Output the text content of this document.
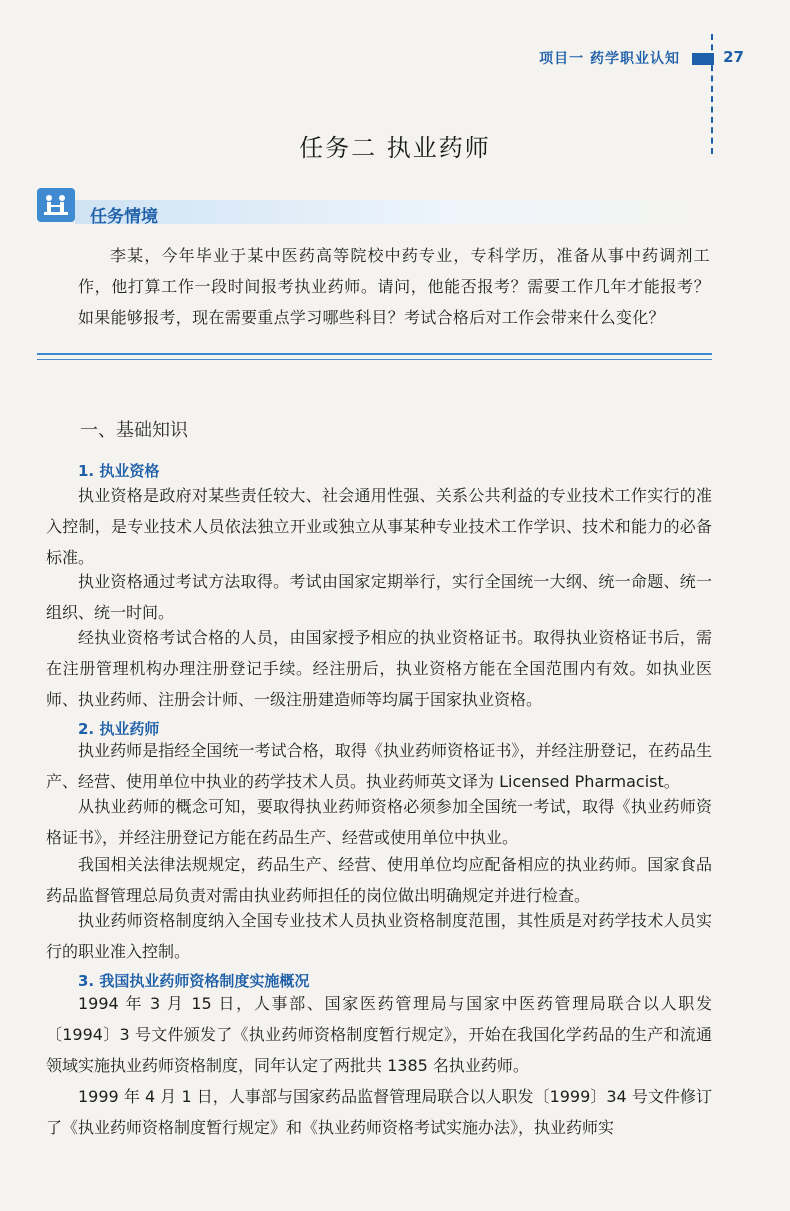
项目一 药学职业认知	27
任务二 执业药师
任务情境
李某，今年毕业于某中医药高等院校中药专业，专科学历，准备从事中药调剂工作，他打算工作一段时间报考执业药师。请问，他能否报考？需要工作几年才能报考？如果能够报考，现在需要重点学习哪些科目？考试合格后对工作会带来什么变化？
一、基础知识
1. 执业资格
执业资格是政府对某些责任较大、社会通用性强、关系公共利益的专业技术工作实行的准入控制，是专业技术人员依法独立开业或独立从事某种专业技术工作学识、技术和能力的必备标准。
执业资格通过考试方法取得。考试由国家定期举行，实行全国统一大纲、统一命题、统一组织、统一时间。
经执业资格考试合格的人员，由国家授予相应的执业资格证书。取得执业资格证书后，需在注册管理机构办理注册登记手续。经注册后，执业资格方能在全国范围内有效。如执业医师、执业药师、注册会计师、一级注册建造师等均属于国家执业资格。
2. 执业药师
执业药师是指经全国统一考试合格，取得《执业药师资格证书》，并经注册登记，在药品生产、经营、使用单位中执业的药学技术人员。执业药师英文译为 Licensed Pharmacist。
从执业药师的概念可知，要取得执业药师资格必须参加全国统一考试，取得《执业药师资格证书》，并经注册登记方能在药品生产、经营或使用单位中执业。
我国相关法律法规规定，药品生产、经营、使用单位均应配备相应的执业药师。国家食品药品监督管理总局负责对需由执业药师担任的岗位做出明确规定并进行检查。
执业药师资格制度纳入全国专业技术人员执业资格制度范围，其性质是对药学技术人员实行的职业准入控制。
3. 我国执业药师资格制度实施概况
1994 年 3 月 15 日，人事部、国家医药管理局与国家中医药管理局联合以人职发〔1994〕3 号文件颁发了《执业药师资格制度暂行规定》，开始在我国化学药品的生产和流通领域实施执业药师资格制度，同年认定了两批共 1385 名执业药师。
1999 年 4 月 1 日，人事部与国家药品监督管理局联合以人职发〔1999〕34 号文件修订了《执业药师资格制度暂行规定》和《执业药师资格考试实施办法》，执业药师实
